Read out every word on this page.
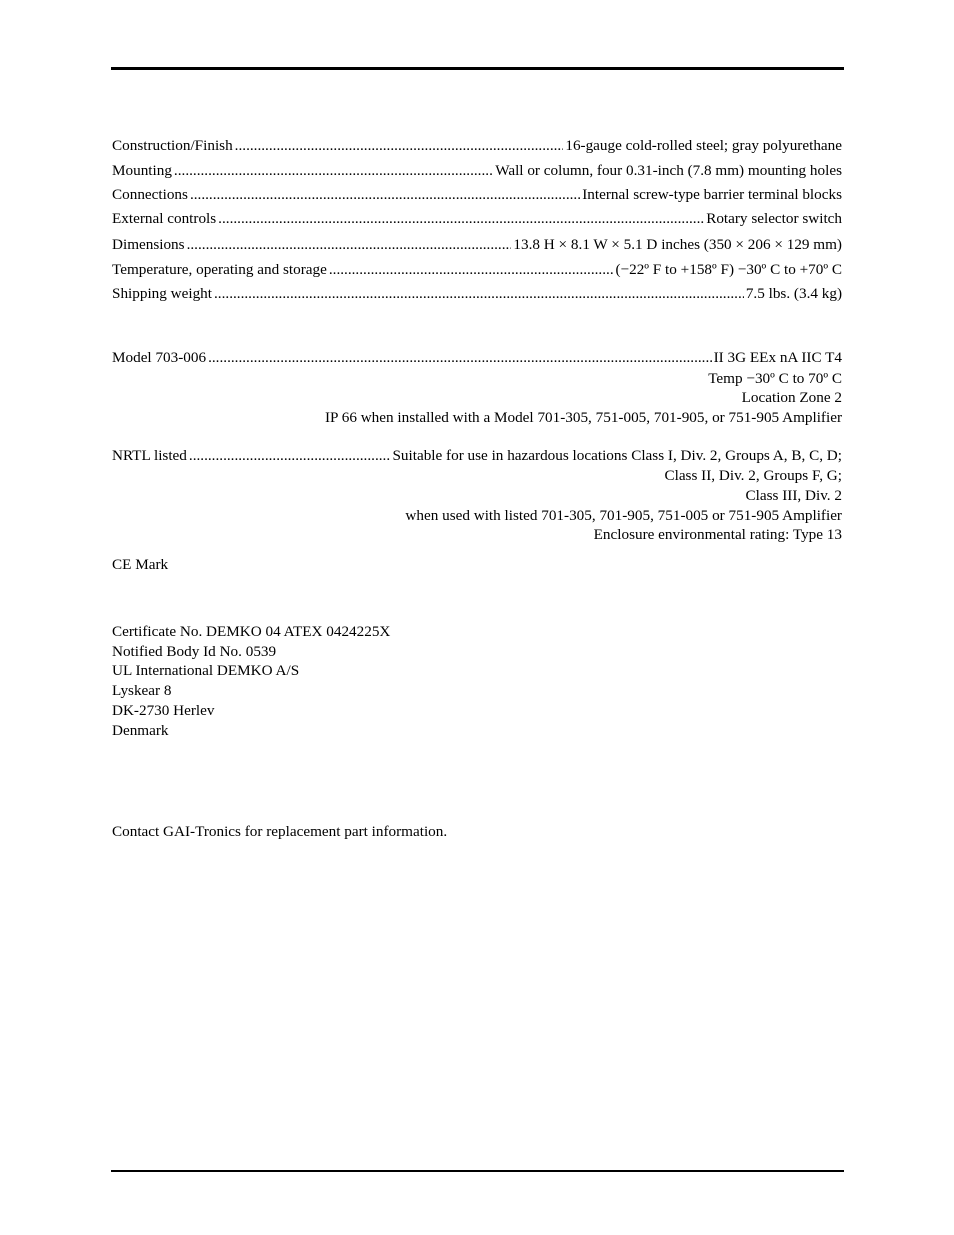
Construction/Finish .....	16-gauge cold-rolled steel; gray polyurethane
Mounting .....	Wall or column, four 0.31-inch (7.8 mm) mounting holes
Connections .....	Internal screw-type barrier terminal blocks
External controls .....	Rotary selector switch
Dimensions .....	13.8 H × 8.1 W × 5.1 D inches (350 × 206 × 129 mm)
Temperature, operating and storage .....	(−22º F to +158º F) −30º C to +70º C
Shipping weight .....	7.5 lbs. (3.4 kg)
Model 703-006 .....	II 3G EEx nA IIC T4
Temp −30º C to 70º C
Location Zone 2
IP 66 when installed with a Model 701-305, 751-005, 701-905, or 751-905 Amplifier
NRTL listed .....	Suitable for use in hazardous locations Class I, Div. 2, Groups A, B, C, D;
Class II, Div. 2, Groups F, G;
Class III, Div. 2
when used with listed 701-305, 701-905, 751-005 or 751-905 Amplifier
Enclosure environmental rating: Type 13
CE Mark
Certificate No. DEMKO 04 ATEX 0424225X
Notified Body Id No. 0539
UL International DEMKO A/S
Lyskear 8
DK-2730 Herlev
Denmark
Contact GAI-Tronics for replacement part information.
